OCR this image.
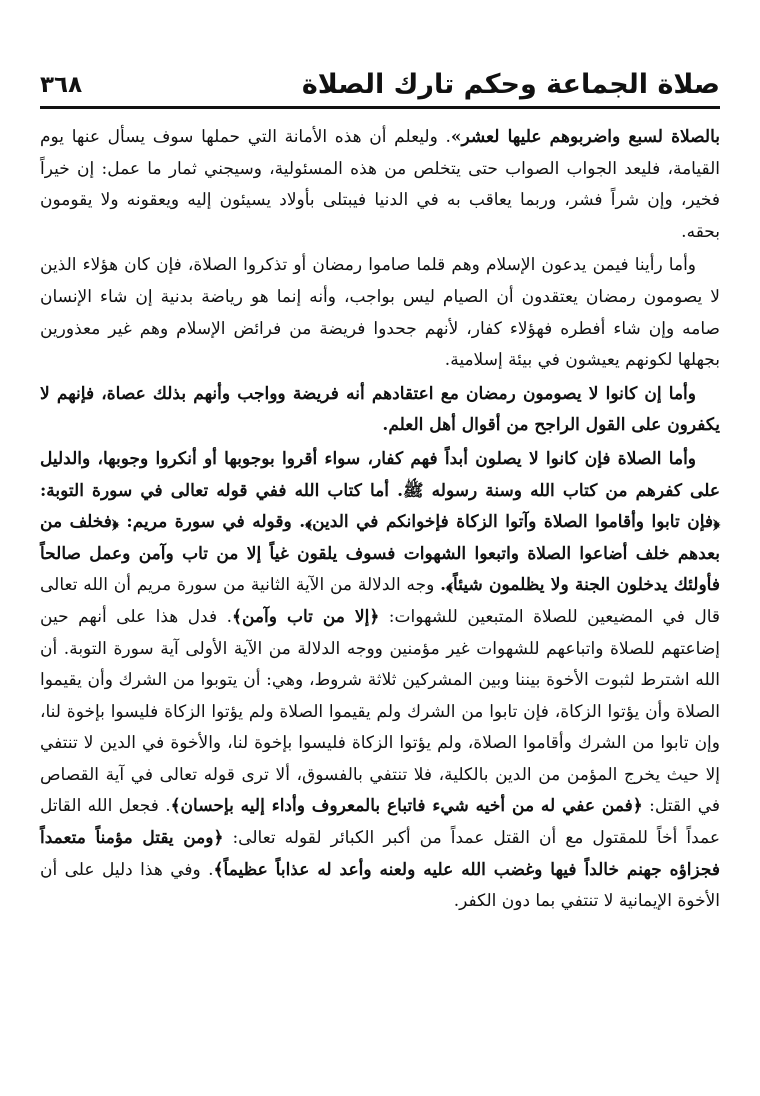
صلاة الجماعة وحكم تارك الصلاة
٣٦٨

بالصلاة لسبع واضربوهم عليها لعشر». وليعلم أن هذه الأمانة التي حملها سوف يسأل عنها يوم القيامة، فليعد الجواب الصواب حتى يتخلص من هذه المسئولية، وسيجني ثمار ما عمل: إن خيراً فخير، وإن شراً فشر، وربما يعاقب به في الدنيا فيبتلى بأولاد يسيئون إليه ويعقونه ولا يقومون بحقه.

وأما رأينا فيمن يدعون الإسلام وهم قلما صاموا رمضان أو تذكروا الصلاة، فإن كان هؤلاء الذين لا يصومون رمضان يعتقدون أن الصيام ليس بواجب، وأنه إنما هو رياضة بدنية إن شاء الإنسان صامه وإن شاء أفطره فهؤلاء كفار، لأنهم جحدوا فريضة من فرائض الإسلام وهم غير معذورين بجهلها لكونهم يعيشون في بيئة إسلامية.

وأما إن كانوا لا يصومون رمضان مع اعتقادهم أنه فريضة وواجب وأنهم بذلك عصاة، فإنهم لا يكفرون على القول الراجح من أقوال أهل العلم.

وأما الصلاة فإن كانوا لا يصلون أبداً فهم كفار، سواء أقروا بوجوبها أو أنكروا وجوبها، والدليل على كفرهم من كتاب الله وسنة رسوله ﷺ. أما كتاب الله ففي قوله تعالى في سورة التوبة: ﴿فإن تابوا وأقاموا الصلاة وآتوا الزكاة فإخوانكم في الدين﴾. وقوله في سورة مريم: ﴿فخلف من بعدهم خلف أضاعوا الصلاة واتبعوا الشهوات فسوف يلقون غياً إلا من تاب وآمن وعمل صالحاً فأولئك يدخلون الجنة ولا يظلمون شيئاً﴾. وجه الدلالة من الآية الثانية من سورة مريم أن الله تعالى قال في المضيعين للصلاة المتبعين للشهوات: ﴿إلا من تاب وآمن﴾. فدل هذا على أنهم حين إضاعتهم للصلاة واتباعهم للشهوات غير مؤمنين ووجه الدلالة من الآية الأولى آية سورة التوبة. أن الله اشترط لثبوت الأخوة بيننا وبين المشركين ثلاثة شروط، وهي: أن يتوبوا من الشرك وأن يقيموا الصلاة وأن يؤتوا الزكاة، فإن تابوا من الشرك ولم يقيموا الصلاة ولم يؤتوا الزكاة فليسوا بإخوة لنا، وإن تابوا من الشرك وأقاموا الصلاة، ولم يؤتوا الزكاة فليسوا بإخوة لنا، والأخوة في الدين لا تنتفي إلا حيث يخرج المؤمن من الدين بالكلية، فلا تنتفي بالفسوق، ألا ترى قوله تعالى في آية القصاص في القتل: ﴿فمن عفي له من أخيه شيء فاتباع بالمعروف وأداء إليه بإحسان﴾. فجعل الله القاتل عمداً أخاً للمقتول مع أن القتل عمداً من أكبر الكبائر لقوله تعالى: ﴿ومن يقتل مؤمناً متعمداً فجزاؤه جهنم خالداً فيها وغضب الله عليه ولعنه وأعد له عذاباً عظيماً﴾. وفي هذا دليل على أن الأخوة الإيمانية لا تنتفي بما دون الكفر.
